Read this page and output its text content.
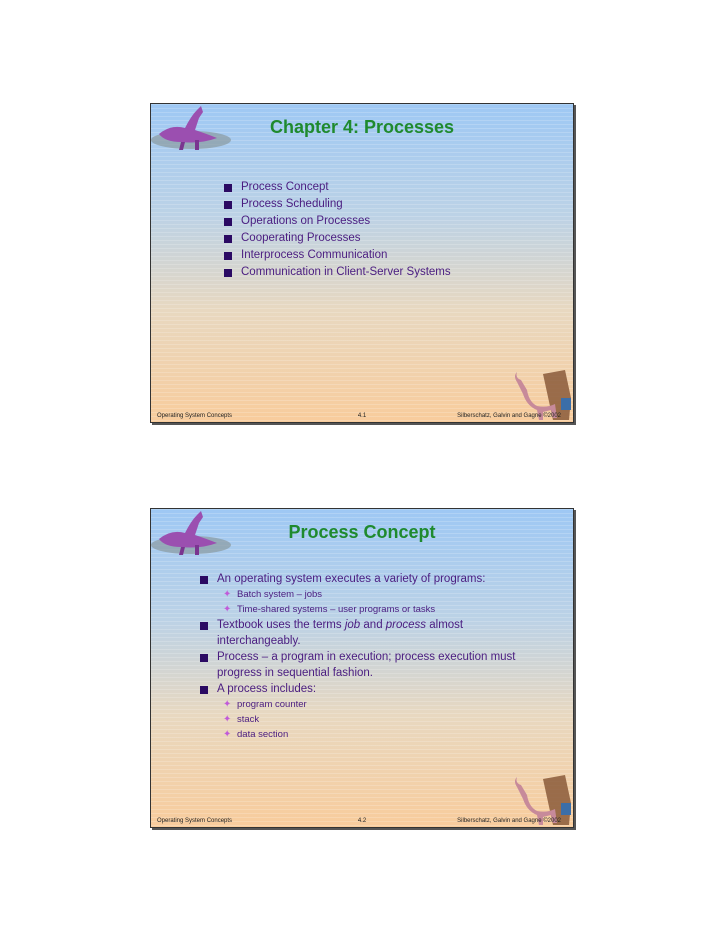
Chapter 4: Processes
Process Concept
Process Scheduling
Operations on Processes
Cooperating Processes
Interprocess Communication
Communication in Client-Server Systems
Operating System Concepts	4.1	Silberschatz, Galvin and Gagne ©2002
Process Concept
An operating system executes a variety of programs:
✦ Batch system – jobs
✦ Time-shared systems – user programs or tasks
Textbook uses the terms job and process almost interchangeably.
Process – a program in execution; process execution must progress in sequential fashion.
A process includes:
✦ program counter
✦ stack
✦ data section
Operating System Concepts	4.2	Silberschatz, Galvin and Gagne ©2002
